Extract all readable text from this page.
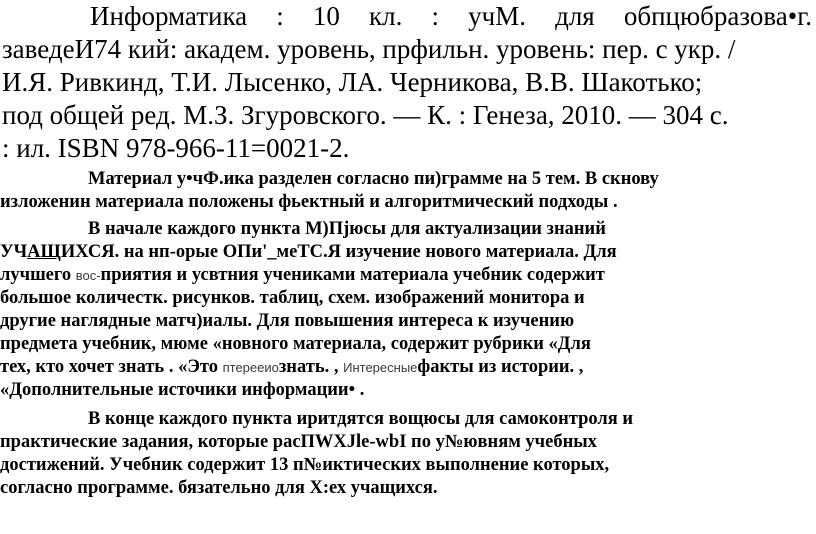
Информатика : 10 кл. : учМ. для обпцюбразова•г.
заведеИ74 кий: академ. уровень, прфильн. уровень: пер. с укр. /
И.Я. Ривкинд, Т.И. Лысенко, ЛА. Черникова, В.В. Шакотько;
под общей ред. М.З. Згуровского. — К. : Генеза, 2010. — 304 с.
: ил. ISBN 978-966-11=0021-2.
Материал у•чФ.ика разделен согласно пи)грамме на 5 тем. В скнову
изложенин материала положены фьектный и алгоритмический подходы .
В начале каждого пункта М)Пјюсы для актуализации знаний
УЧАЩИХСЯ. на нп-орые ОПи'_меТС.Я изучение нового материала. Для
лучшего вос-приятия и усвтния учениками материала учебник содержит
большое количестк. рисунков. таблиц, схем. изображений монитора и
другие наглядные матч)иалы. Для повышения интереса к изучению
предмета учебник, мюме «новного материала, содержит рубрики «Для
тех, кто хочет знать . «Это птерееиознать. , Интересныефакты из истории. ,
«Дополнительные источики информации• .
В конце каждого пункта иритдятся вощюсы для самоконтроля и
практические задания, которые расПWXЈlе-wbI по у№ювням учебных
достижений. Учебник содержит 13 п№иктических выполнение которых,
согласно программе. бязательно для Х:ех учащихся.
